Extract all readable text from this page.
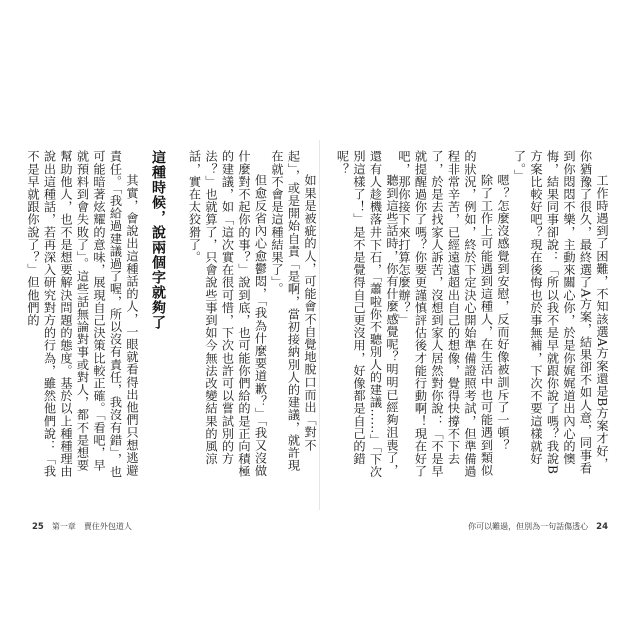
如果是被疵的人，可能會不自覺地脫口而出「對不起」，或是開始自責「是啊，當初接納別人的建議，就許現在就不會是這種結果了」。

但愈反省內心愈鬱悶，「我為什麼要道歉？」「我又沒做什麼對不起你的事？」說到底，也可能你們給的是正向積極的建議，如「這次實在很可惜，下次也許可以嘗試別的方法？」也就算了，只會說些事到如今無法改變結果的風涼話，實在太狡猾了。

這種時候，說兩個字就夠了

其實，會說出這種話的人，一眼就看得出他們只想逃避責任。「我給過建議過了喔，所以沒有責任，我沒有錯」，也可能暗著炫耀的意味，展現自己決策比較正確。「看吧，早就預料到會失敗了」。這些話無論對事或對人，都不是想要幫助他人，也不是想要解決問題的態度。基於以上種種理由說出這種話，若再深入研究對方的行為，雖然他們說：「我不是早就跟你說了？」但他們的	工作時遇到了困難，不知該選A方案還是B方案才好，你猶豫了很久，最終選了A方案，結果卻不如人意，同事看到你悶悶不樂，主動來關心你，於是你娓娓道出內心的懊悔，結果同事卻說：「所以我不是早就跟你說了嗎？我說B方案比較好吧？現在後悔也於事無補，下次不要這樣就好了。」

嗯？怎麼沒感覺到安慰，反而好像被訓斥了一頓？

除了工作上可能遇到這種人，在生活中也可能遇到類似的狀況，例如，終於下定決心開始準備證照考試，但準備過程非常辛苦，已經遠遠超出自己的想像，覺得快撐不下去了，於是去找家人訴苦，沒想到家人居然對你說：「不是早就提醒過你了嗎？你要更謹慎評估後才能行動啊！現在好了吧，那你接下來打算怎麼辦？」

聽到這些話時，你有什麼感覺呢？明明已經夠沮喪了，還有人趁機落井下石，「蕭啦你不聽別人的建議……」「下次別這樣了！」是不是覺得自己更沒用，好像都是自己的錯呢？

25 第一章 賣住外包道人	你可以難過，但別為一句話傷透心 24
